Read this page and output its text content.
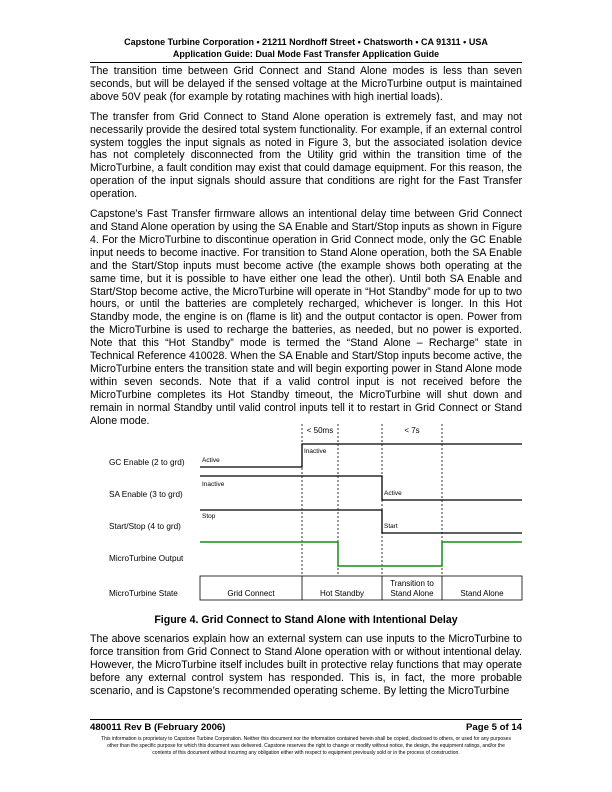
Capstone Turbine Corporation • 21211 Nordhoff Street • Chatsworth • CA 91311 • USA
Application Guide: Dual Mode Fast Transfer Application Guide

The transition time between Grid Connect and Stand Alone modes is less than seven seconds, but will be delayed if the sensed voltage at the MicroTurbine output is maintained above 50V peak (for example by rotating machines with high inertial loads).

The transfer from Grid Connect to Stand Alone operation is extremely fast, and may not necessarily provide the desired total system functionality. For example, if an external control system toggles the input signals as noted in Figure 3, but the associated isolation device has not completely disconnected from the Utility grid within the transition time of the MicroTurbine, a fault condition may exist that could damage equipment. For this reason, the operation of the input signals should assure that conditions are right for the Fast Transfer operation.

Capstone’s Fast Transfer firmware allows an intentional delay time between Grid Connect and Stand Alone operation by using the SA Enable and Start/Stop inputs as shown in Figure 4. For the MicroTurbine to discontinue operation in Grid Connect mode, only the GC Enable input needs to become inactive. For transition to Stand Alone operation, both the SA Enable and the Start/Stop inputs must become active (the example shows both operating at the same time, but it is possible to have either one lead the other). Until both SA Enable and Start/Stop become active, the MicroTurbine will operate in “Hot Standby” mode for up to two hours, or until the batteries are completely recharged, whichever is longer. In this Hot Standby mode, the engine is on (flame is lit) and the output contactor is open. Power from the MicroTurbine is used to recharge the batteries, as needed, but no power is exported. Note that this “Hot Standby” mode is termed the “Stand Alone – Recharge” state in Technical Reference 410028. When the SA Enable and Start/Stop inputs become active, the MicroTurbine enters the transition state and will begin exporting power in Stand Alone mode within seven seconds. Note that if a valid control input is not received before the MicroTurbine completes its Hot Standby timeout, the MicroTurbine will shut down and remain in normal Standby until valid control inputs tell it to restart in Grid Connect or Stand Alone mode.

< 50ms	< 7s
GC Enable (2 to grd)
SA Enable (3 to grd)
Start/Stop (4 to grd)
MicroTurbine Output
MicroTurbine State
Active
Inactive
Inactive
Active
Stop
Start
Grid Connect	Hot Standby
Transition to
Stand Alone	Stand Alone
Figure 4. Grid Connect to Stand Alone with Intentional Delay

The above scenarios explain how an external system can use inputs to the MicroTurbine to force transition from Grid Connect to Stand Alone operation with or without intentional delay. However, the MicroTurbine itself includes built in protective relay functions that may operate before any external control system has responded. This is, in fact, the more probable scenario, and is Capstone’s recommended operating scheme. By letting the MicroTurbine

480011 Rev B (February 2006)	Page 5 of 14
This information is proprietary to Capstone Turbine Corporation. Neither this document nor the information contained herein shall be copied, disclosed to others, or used for any purposes other than the specific purpose for which this document was delivered. Capstone reserves the right to change or modify without notice, the design, the equipment ratings, and/or the contents of this document without incurring any obligation either with respect to equipment previously sold or in the process of construction.
